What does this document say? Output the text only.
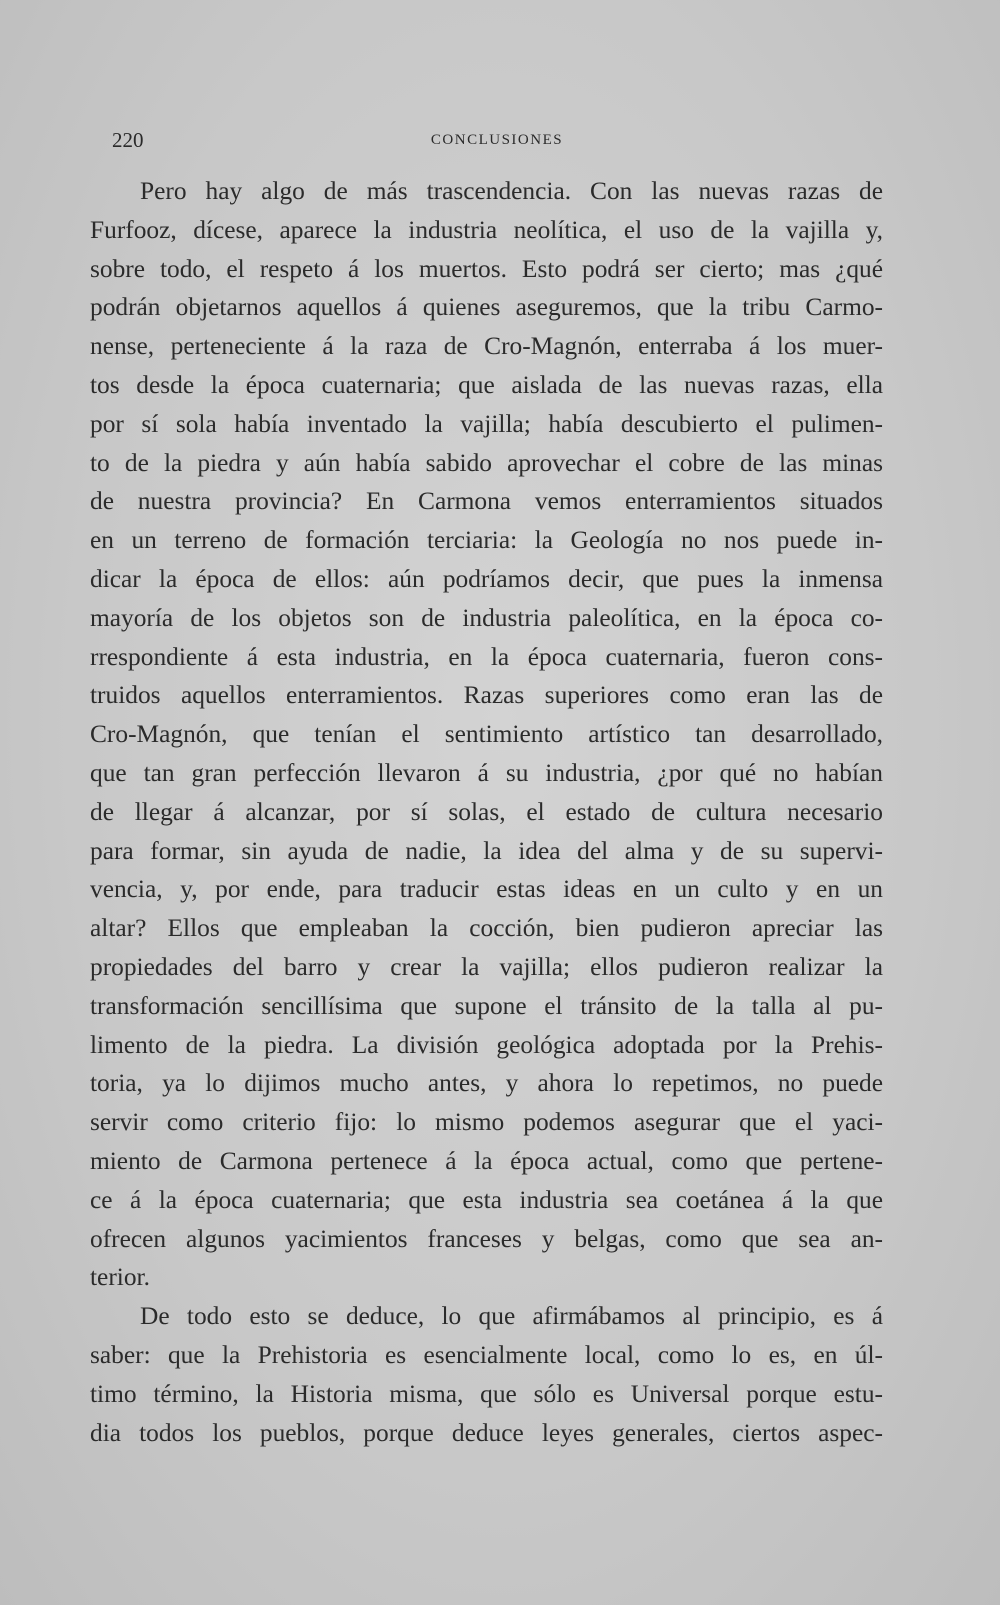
220	CONCLUSIONES
Pero hay algo de más trascendencia. Con las nuevas razas de
Furfooz, dícese, aparece la industria neolítica, el uso de la vajilla y,
sobre todo, el respeto á los muertos. Esto podrá ser cierto; mas ¿qué
podrán objetarnos aquellos á quienes aseguremos, que la tribu Carmo-
nense, perteneciente á la raza de Cro-Magnón, enterraba á los muer-
tos desde la época cuaternaria; que aislada de las nuevas razas, ella
por sí sola había inventado la vajilla; había descubierto el pulimen-
to de la piedra y aún había sabido aprovechar el cobre de las minas
de nuestra provincia? En Carmona vemos enterramientos situados
en un terreno de formación terciaria: la Geología no nos puede in-
dicar la época de ellos: aún podríamos decir, que pues la inmensa
mayoría de los objetos son de industria paleolítica, en la época co-
rrespondiente á esta industria, en la época cuaternaria, fueron cons-
truidos aquellos enterramientos. Razas superiores como eran las de
Cro-Magnón, que tenían el sentimiento artístico tan desarrollado,
que tan gran perfección llevaron á su industria, ¿por qué no habían
de llegar á alcanzar, por sí solas, el estado de cultura necesario
para formar, sin ayuda de nadie, la idea del alma y de su supervi-
vencia, y, por ende, para traducir estas ideas en un culto y en un
altar? Ellos que empleaban la cocción, bien pudieron apreciar las
propiedades del barro y crear la vajilla; ellos pudieron realizar la
transformación sencillísima que supone el tránsito de la talla al pu-
limento de la piedra. La división geológica adoptada por la Prehis-
toria, ya lo dijimos mucho antes, y ahora lo repetimos, no puede
servir como criterio fijo: lo mismo podemos asegurar que el yaci-
miento de Carmona pertenece á la época actual, como que pertene-
ce á la época cuaternaria; que esta industria sea coetánea á la que
ofrecen algunos yacimientos franceses y belgas, como que sea an-
terior.
De todo esto se deduce, lo que afirmábamos al principio, es á
saber: que la Prehistoria es esencialmente local, como lo es, en úl-
timo término, la Historia misma, que sólo es Universal porque estu-
dia todos los pueblos, porque deduce leyes generales, ciertos aspec-
